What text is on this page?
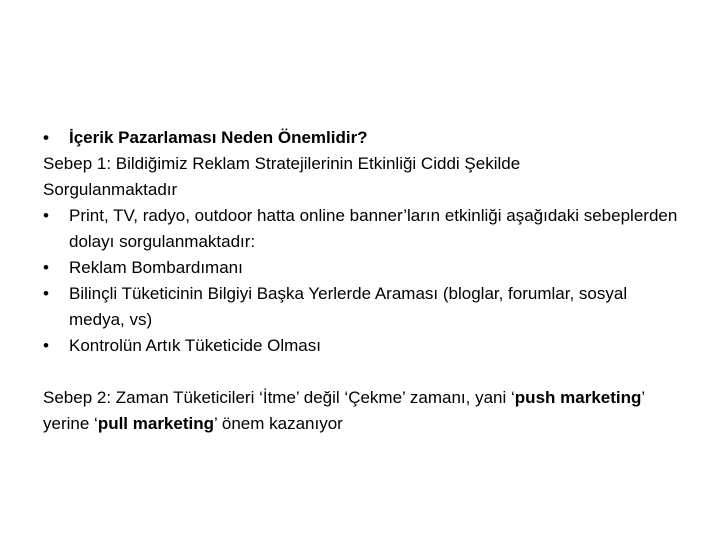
• İçerik Pazarlaması Neden Önemlidir?
Sebep 1: Bildiğimiz Reklam Stratejilerinin Etkinliği Ciddi Şekilde
Sorgulanmaktadır
• Print, TV, radyo, outdoor hatta online banner’ların etkinliği aşağıdaki sebeplerden dolayı sorgulanmaktadır:
• Reklam Bombardımanı
• Bilinçli Tüketicinin Bilgiyi Başka Yerlerde Araması (bloglar, forumlar, sosyal medya, vs)
• Kontrolün Artık Tüketicide Olması
Sebep 2: Zaman Tüketicileri ‘İtme’ değil ‘Çekme’ zamanı, yani ‘push marketing’ yerine ‘pull marketing’ önem kazanıyor
